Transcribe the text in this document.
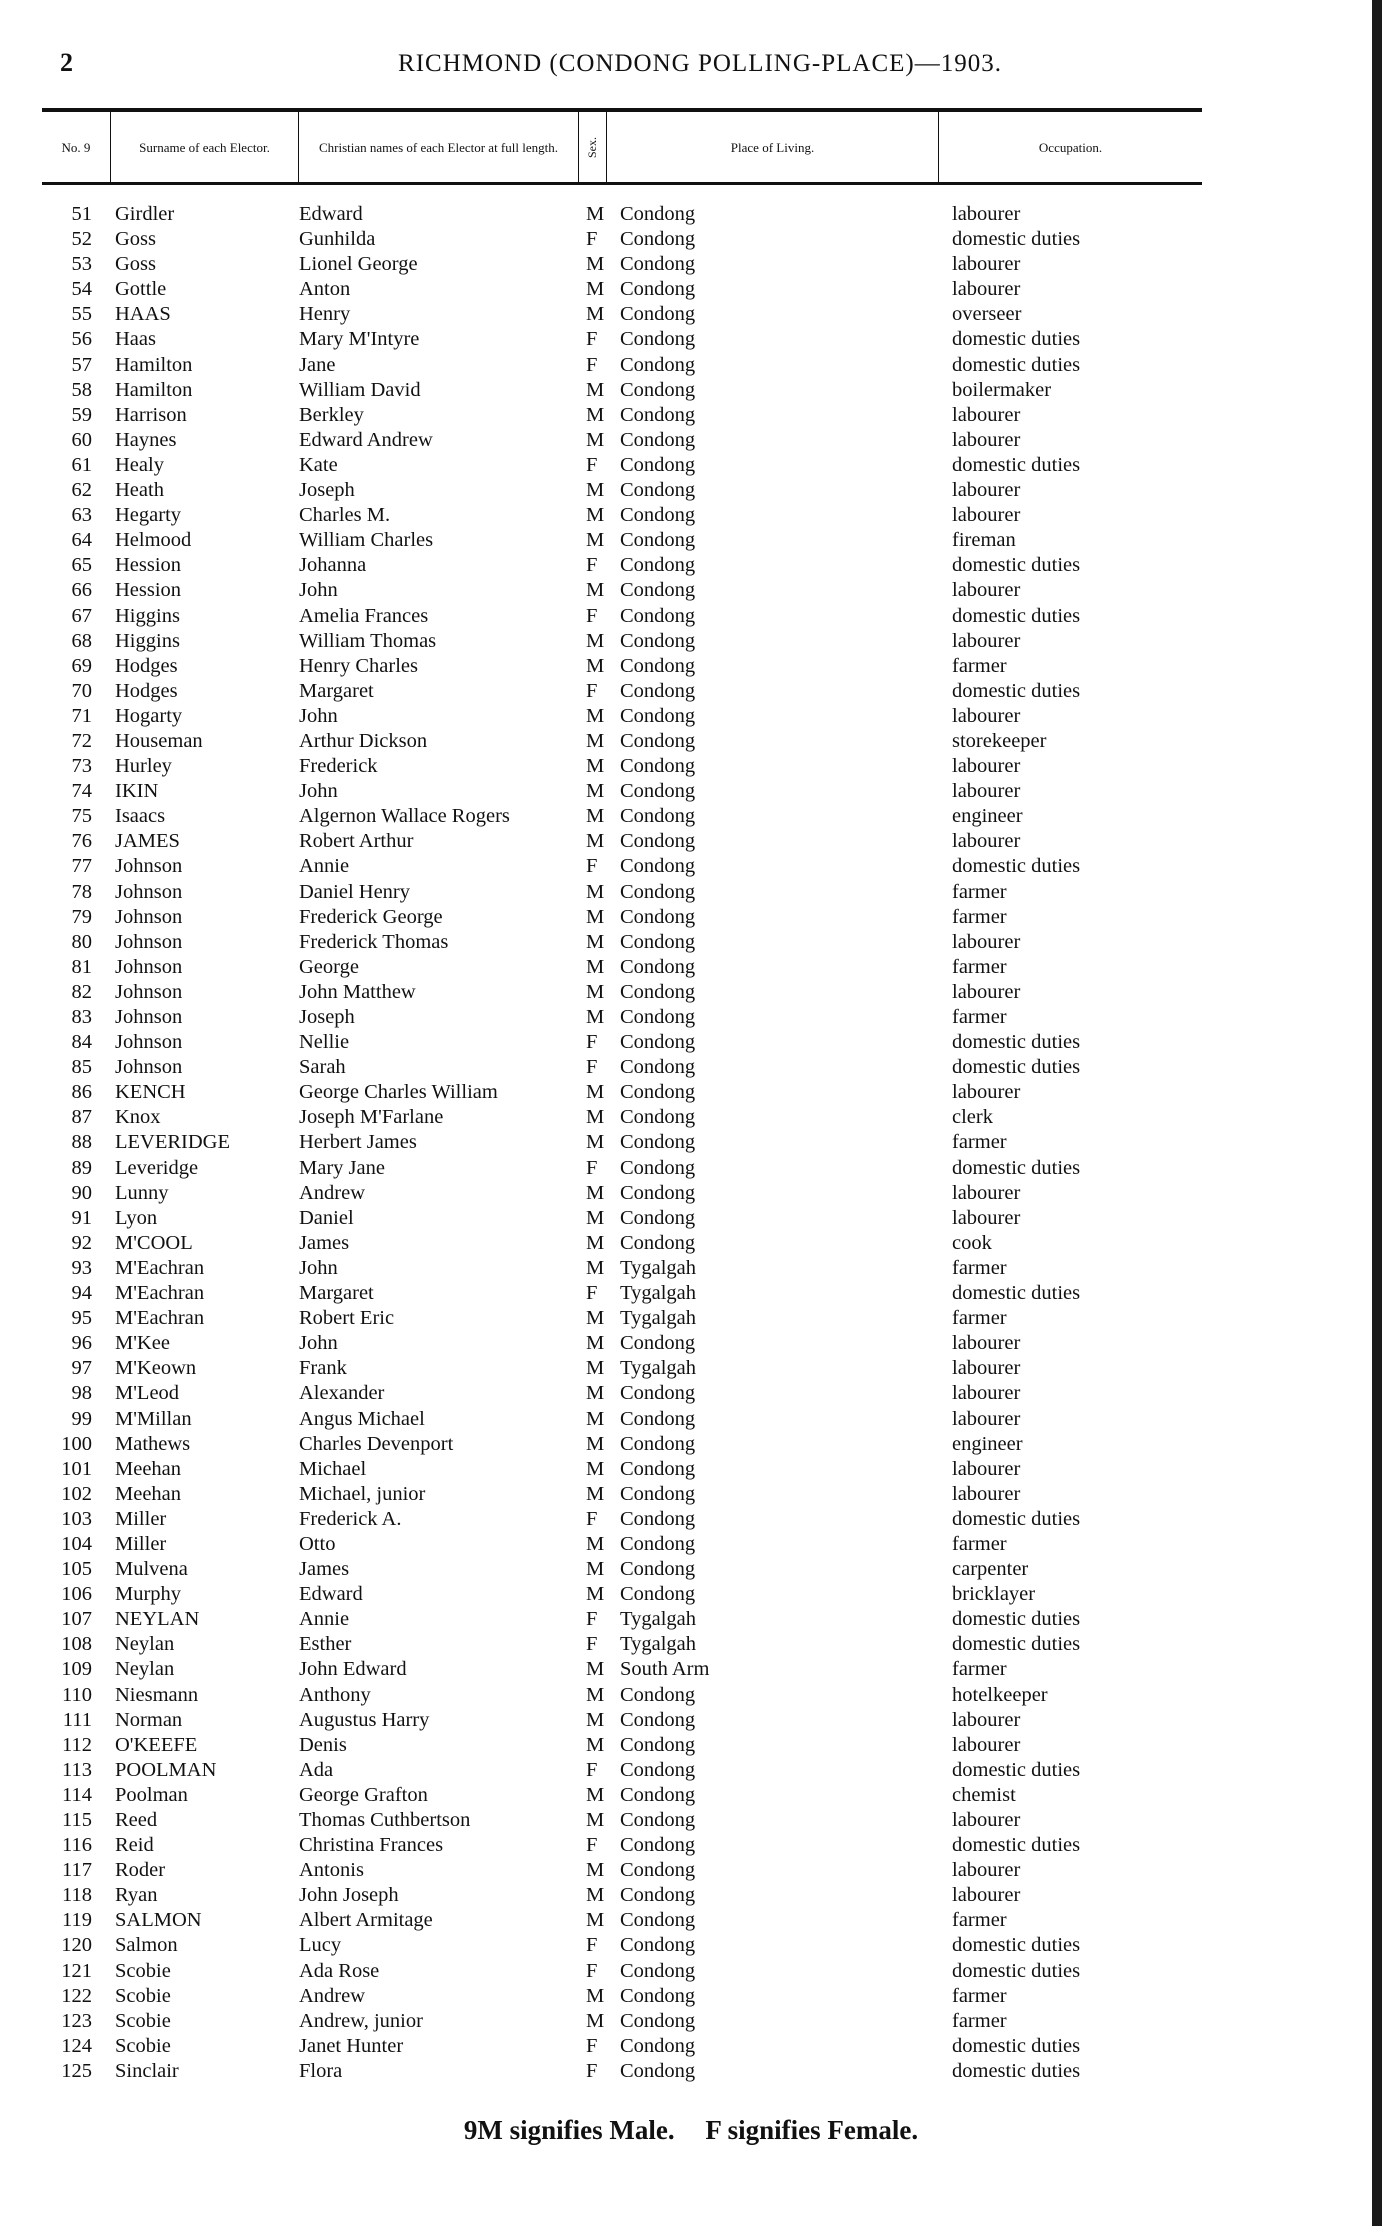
2	RICHMOND (CONDONG POLLING-PLACE)—1903.
No. 9	Surname of each Elector.	Christian names of each Elector at full length.	Sex.	Place of Living.	Occupation.
51 Girdler	Edward	M Condong	labourer
52 Goss	Gunhilda	F Condong	domestic duties
53 Goss	Lionel George	M Condong	labourer
54 Gottle	Anton	M Condong	labourer
55 HAAS	Henry	M Condong	overseer
56 Haas	Mary M'Intyre	F Condong	domestic duties
57 Hamilton	Jane	F Condong	domestic duties
58 Hamilton	William David	M Condong	boilermaker
59 Harrison	Berkley	M Condong	labourer
60 Haynes	Edward Andrew	M Condong	labourer
61 Healy	Kate	F Condong	domestic duties
62 Heath	Joseph	M Condong	labourer
63 Hegarty	Charles M.	M Condong	labourer
64 Helmood	William Charles	M Condong	fireman
65 Hession	Johanna	F Condong	domestic duties
66 Hession	John	M Condong	labourer
67 Higgins	Amelia Frances	F Condong	domestic duties
68 Higgins	William Thomas	M Condong	labourer
69 Hodges	Henry Charles	M Condong	farmer
70 Hodges	Margaret	F Condong	domestic duties
71 Hogarty	John	M Condong	labourer
72 Houseman	Arthur Dickson	M Condong	storekeeper
73 Hurley	Frederick	M Condong	labourer
74 IKIN	John	M Condong	labourer
75 Isaacs	Algernon Wallace Rogers	M Condong	engineer
76 JAMES	Robert Arthur	M Condong	labourer
77 Johnson	Annie	F Condong	domestic duties
78 Johnson	Daniel Henry	M Condong	farmer
79 Johnson	Frederick George	M Condong	farmer
80 Johnson	Frederick Thomas	M Condong	labourer
81 Johnson	George	M Condong	farmer
82 Johnson	John Matthew	M Condong	labourer
83 Johnson	Joseph	M Condong	farmer
84 Johnson	Nellie	F Condong	domestic duties
85 Johnson	Sarah	F Condong	domestic duties
86 KENCH	George Charles William	M Condong	labourer
87 Knox	Joseph M'Farlane	M Condong	clerk
88 LEVERIDGE	Herbert James	M Condong	farmer
89 Leveridge	Mary Jane	F Condong	domestic duties
90 Lunny	Andrew	M Condong	labourer
91 Lyon	Daniel	M Condong	labourer
92 M'COOL	James	M Condong	cook
93 M'Eachran	John	M Tygalgah	farmer
94 M'Eachran	Margaret	F Tygalgah	domestic duties
95 M'Eachran	Robert Eric	M Tygalgah	farmer
96 M'Kee	John	M Condong	labourer
97 M'Keown	Frank	M Tygalgah	labourer
98 M'Leod	Alexander	M Condong	labourer
99 M'Millan	Angus Michael	M Condong	labourer
100 Mathews	Charles Devenport	M Condong	engineer
101 Meehan	Michael	M Condong	labourer
102 Meehan	Michael, junior	M Condong	labourer
103 Miller	Frederick A.	F Condong	domestic duties
104 Miller	Otto	M Condong	farmer
105 Mulvena	James	M Condong	carpenter
106 Murphy	Edward	M Condong	bricklayer
107 NEYLAN	Annie	F Tygalgah	domestic duties
108 Neylan	Esther	F Tygalgah	domestic duties
109 Neylan	John Edward	M South Arm	farmer
110 Niesmann	Anthony	M Condong	hotelkeeper
111 Norman	Augustus Harry	M Condong	labourer
112 O'KEEFE	Denis	M Condong	labourer
113 POOLMAN	Ada	F Condong	domestic duties
114 Poolman	George Grafton	M Condong	chemist
115 Reed	Thomas Cuthbertson	M Condong	labourer
116 Reid	Christina Frances	F Condong	domestic duties
117 Roder	Antonis	M Condong	labourer
118 Ryan	John Joseph	M Condong	labourer
119 SALMON	Albert Armitage	M Condong	farmer
120 Salmon	Lucy	F Condong	domestic duties
121 Scobie	Ada Rose	F Condong	domestic duties
122 Scobie	Andrew	M Condong	farmer
123 Scobie	Andrew, junior	M Condong	farmer
124 Scobie	Janet Hunter	F Condong	domestic duties
125 Sinclair	Flora	F Condong	domestic duties
9M signifies Male. F signifies Female.
